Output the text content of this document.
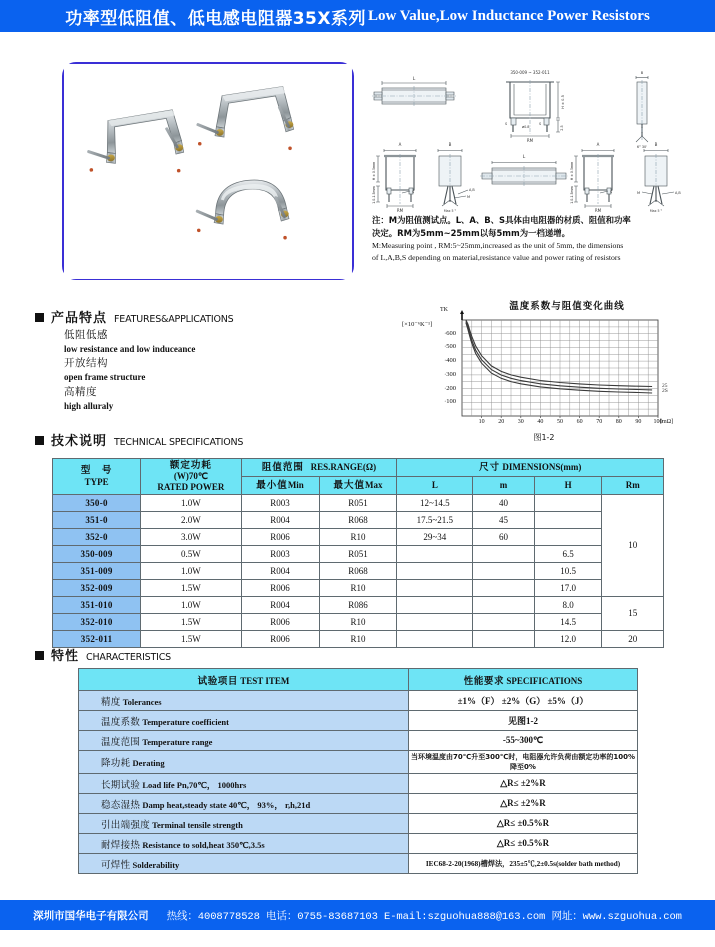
功率型低阻值、低电感电阻器35X系列 Low Value,Low Inductance Power Resistors
L
350-009 ~ 352-011
H ± 0.5
2.5
RM
ø0.8
S	S
B
6° 30'
A
H ± 0.5mm
1.0-1.5mm
RM
S
B
A,B
M
Max 5 °
L
A
H ± 0.5mm
1.0-1.5mm
RM
S
B
M	A,B
Max 5 °
注：M为阻值测试点。L、A、B、S具体由电阻器的材质、阻值和功率
决定。RM为5mm~25mm以每5mm为一档递增。
M:Measuring point , RM:5~25mm,increased as the unit of 5mm, the dimensions
of L,A,B,S depending on material,resistance value and power rating of resistors
温度系数与阻值变化曲线
TK
[×10⁻⁶K⁻¹]
图1-2
·100
·200
·300
·400
·500
·600
10	20	30	40	50	60	70	80	90	100
25
2S
[mΩ]
产品特点 FEATURES&APPLICATIONS
低阻低感
low resistance and low induceance
开放结构
open frame structure
高精度
high alluraly
技术说明 TECHNICAL SPECIFICATIONS
型　号
TYPE

额定功耗
(W)70℃
RATED POWER
	阻值范围 RES.RANGE(Ω)	尺寸 DIMENSIONS(mm)
		最小值Min	最大值Max	L	m	H	Rm
350-0	1.0W	R003	R051	12~14.5	40		10
351-0	2.0W	R004	R068	17.5~21.5	45		
352-0	3.0W	R006	R10	29~34	60		
350-009	0.5W	R003	R051			6.5	
351-009	1.0W	R004	R068			10.5	
352-009	1.5W	R006	R10			17.0	
351-010	1.0W	R004	R086			8.0	15
352-010	1.5W	R006	R10			14.5	
352-011	1.5W	R006	R10			12.0	20
特性 CHARACTERISTICS
试验项目 TEST ITEM	性能要求 SPECIFICATIONS
精度 Tolerances	±1%（F） ±2%（G） ±5%（J）
温度系数 Temperature coefficient	见图1-2
温度范围 Temperature range	-55~300℃
降功耗 Derating	当环境温度由70℃升至300℃时，电阻器允许负荷由额定功率的100%降至0%
长期试验 Load life Pn,70℃， 1000hrs	△R≤ ±2%R
稳态湿热 Damp heat,steady state 40℃， 93%， r,h,21d	△R≤ ±2%R
引出端强度 Terminal tensile strength	△R≤ ±0.5%R
耐焊接热 Resistance to sold,heat 350℃,3.5s	△R≤ ±0.5%R
可焊性 Solderability	IEC68-2-20(1968)槽焊法，235±5℃,2±0.5s(solder bath method)
深圳市国华电子有限公司 热线：4008778528 电话：0755-83687103 E-mail:szguohua888@163.com 网址：www.szguohua.com
